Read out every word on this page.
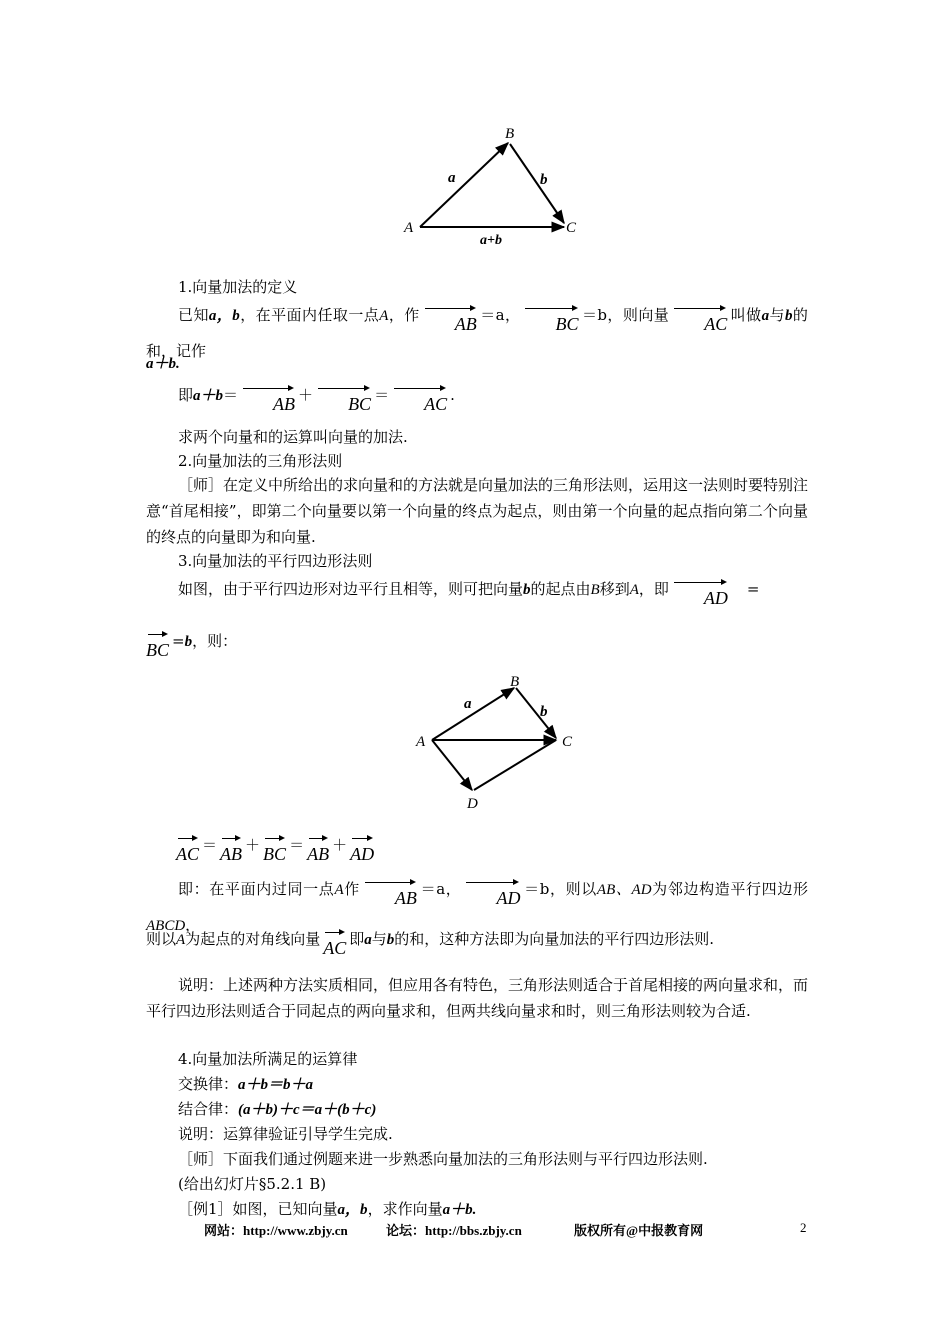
A
B
C
a	b
a+b
1.向量加法的定义
已知a，b，在平面内任取一点A，作 AB ＝a， BC ＝b，则向量 AC 叫做a与b的和，记作
a＋b.
即a＋b＝ AB ＋ BC ＝ AC .
求两个向量和的运算叫向量的加法.
2.向量加法的三角形法则
［师］在定义中所给出的求向量和的方法就是向量加法的三角形法则，运用这一法则时要特别注意“首尾相接”，即第二个向量要以第一个向量的终点为起点，则由第一个向量的起点指向第二个向量的终点的向量即为和向量.
3.向量加法的平行四边形法则
如图，由于平行四边形对边平行且相等，则可把向量b的起点由B移到A，即 AD =
BC =b，则：
A
B
C
D
a	b
AC ＝ AB ＋ BC ＝ AB ＋ AD
即：在平面内过同一点A作 AB ＝a， AD ＝b，则以AB、AD为邻边构造平行四边形ABCD，
则以A为起点的对角线向量 AC 即a与b的和，这种方法即为向量加法的平行四边形法则.
说明：上述两种方法实质相同，但应用各有特色，三角形法则适合于首尾相接的两向量求和，而平行四边形法则适合于同起点的两向量求和，但两共线向量求和时，则三角形法则较为合适.
4.向量加法所满足的运算律
交换律：a＋b＝b＋a
结合律：(a＋b)＋c＝a＋(b＋c)
说明：运算律验证引导学生完成.
［师］下面我们通过例题来进一步熟悉向量加法的三角形法则与平行四边形法则.
(给出幻灯片§5.2.1 B)
［例1］如图，已知向量a，b，求作向量a＋b.
网站：http://www.zbjy.cn	论坛：http://bbs.zbjy.cn	版权所有@中报教育网	2
